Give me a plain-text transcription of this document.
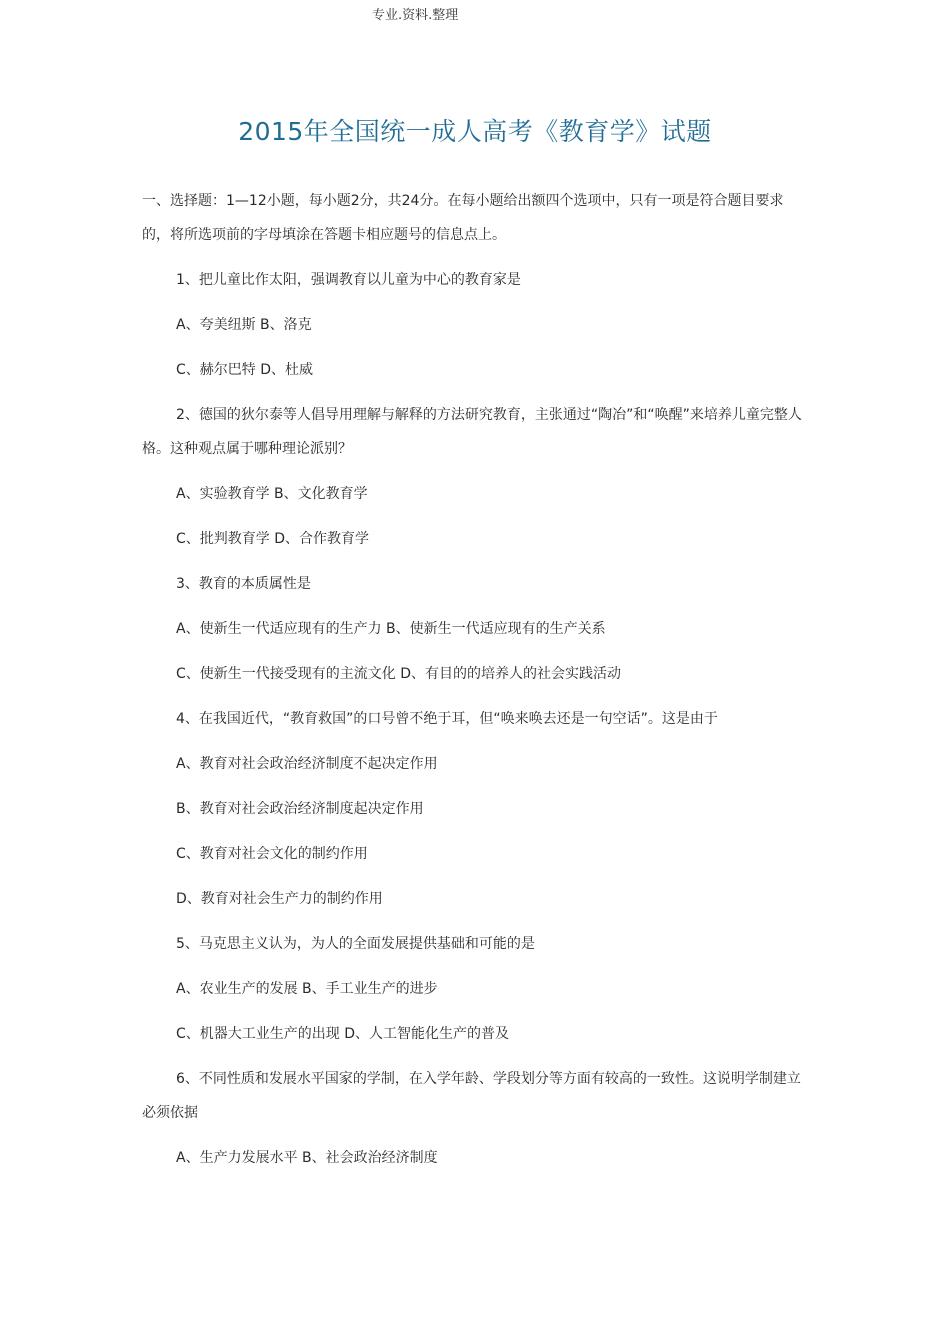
专业.资料.整理
2015年全国统一成人高考《教育学》试题

一、选择题：1—12小题，每小题2分，共24分。在每小题给出额四个选项中，只有一项是符合题目要求的，将所选项前的字母填涂在答题卡相应题号的信息点上。

1、把儿童比作太阳，强调教育以儿童为中心的教育家是

A、夸美纽斯 B、洛克

C、赫尔巴特 D、杜威

2、德国的狄尔泰等人倡导用理解与解释的方法研究教育，主张通过“陶冶”和“唤醒”来培养儿童完整人格。这种观点属于哪种理论派别？

A、实验教育学 B、文化教育学

C、批判教育学 D、合作教育学

3、教育的本质属性是

A、使新生一代适应现有的生产力 B、使新生一代适应现有的生产关系

C、使新生一代接受现有的主流文化 D、有目的的培养人的社会实践活动

4、在我国近代，“教育救国”的口号曾不绝于耳，但“唤来唤去还是一句空话”。这是由于

A、教育对社会政治经济制度不起决定作用

B、教育对社会政治经济制度起决定作用

C、教育对社会文化的制约作用

D、教育对社会生产力的制约作用

5、马克思主义认为，为人的全面发展提供基础和可能的是

A、农业生产的发展 B、手工业生产的进步

C、机器大工业生产的出现 D、人工智能化生产的普及

6、不同性质和发展水平国家的学制，在入学年龄、学段划分等方面有较高的一致性。这说明学制建立必须依据

A、生产力发展水平 B、社会政治经济制度
